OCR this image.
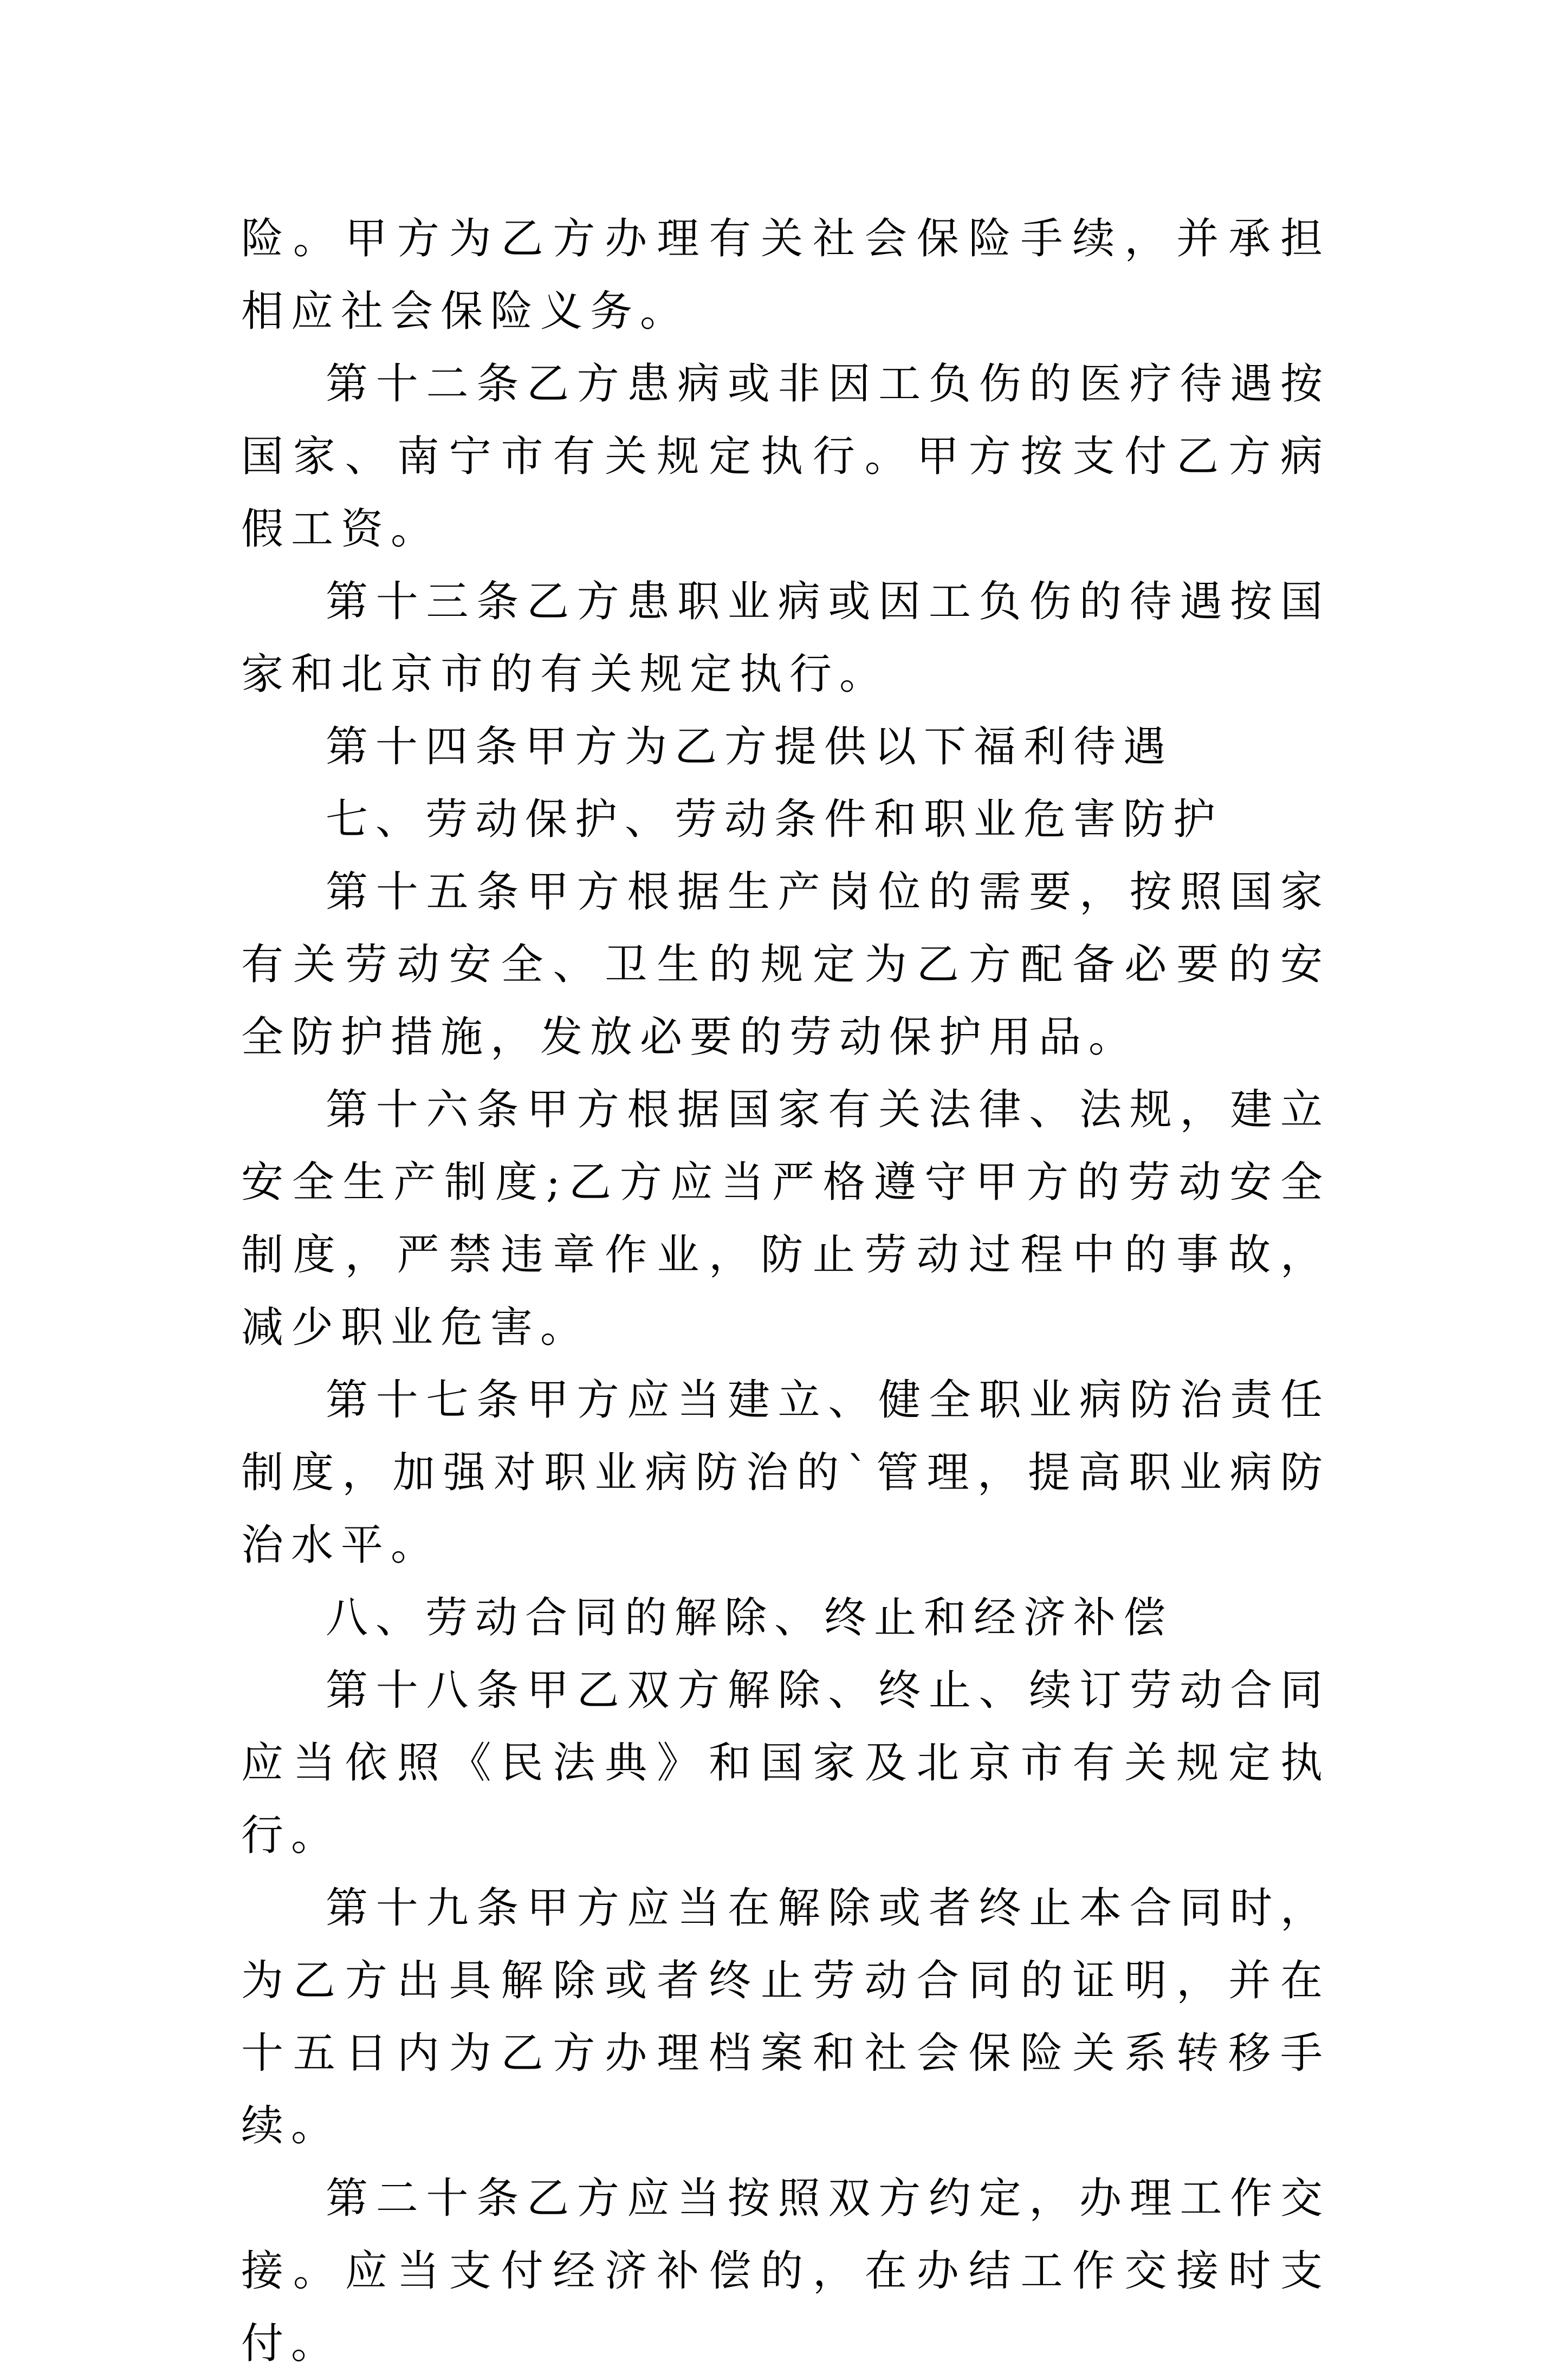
险。甲方为乙方办理有关社会保险手续，并承担相应社会保险义务。

第十二条乙方患病或非因工负伤的医疗待遇按国家、南宁市有关规定执行。甲方按支付乙方病假工资。

第十三条乙方患职业病或因工负伤的待遇按国家和北京市的有关规定执行。

第十四条甲方为乙方提供以下福利待遇

七、劳动保护、劳动条件和职业危害防护

第十五条甲方根据生产岗位的需要，按照国家有关劳动安全、卫生的规定为乙方配备必要的安全防护措施，发放必要的劳动保护用品。

第十六条甲方根据国家有关法律、法规，建立安全生产制度;乙方应当严格遵守甲方的劳动安全制度，严禁违章作业，防止劳动过程中的事故，减少职业危害。

第十七条甲方应当建立、健全职业病防治责任制度，加强对职业病防治的`管理，提高职业病防治水平。

八、劳动合同的解除、终止和经济补偿

第十八条甲乙双方解除、终止、续订劳动合同应当依照《民法典》和国家及北京市有关规定执行。

第十九条甲方应当在解除或者终止本合同时，为乙方出具解除或者终止劳动合同的证明，并在十五日内为乙方办理档案和社会保险关系转移手续。

第二十条乙方应当按照双方约定，办理工作交接。应当支付经济补偿的，在办结工作交接时支付。
